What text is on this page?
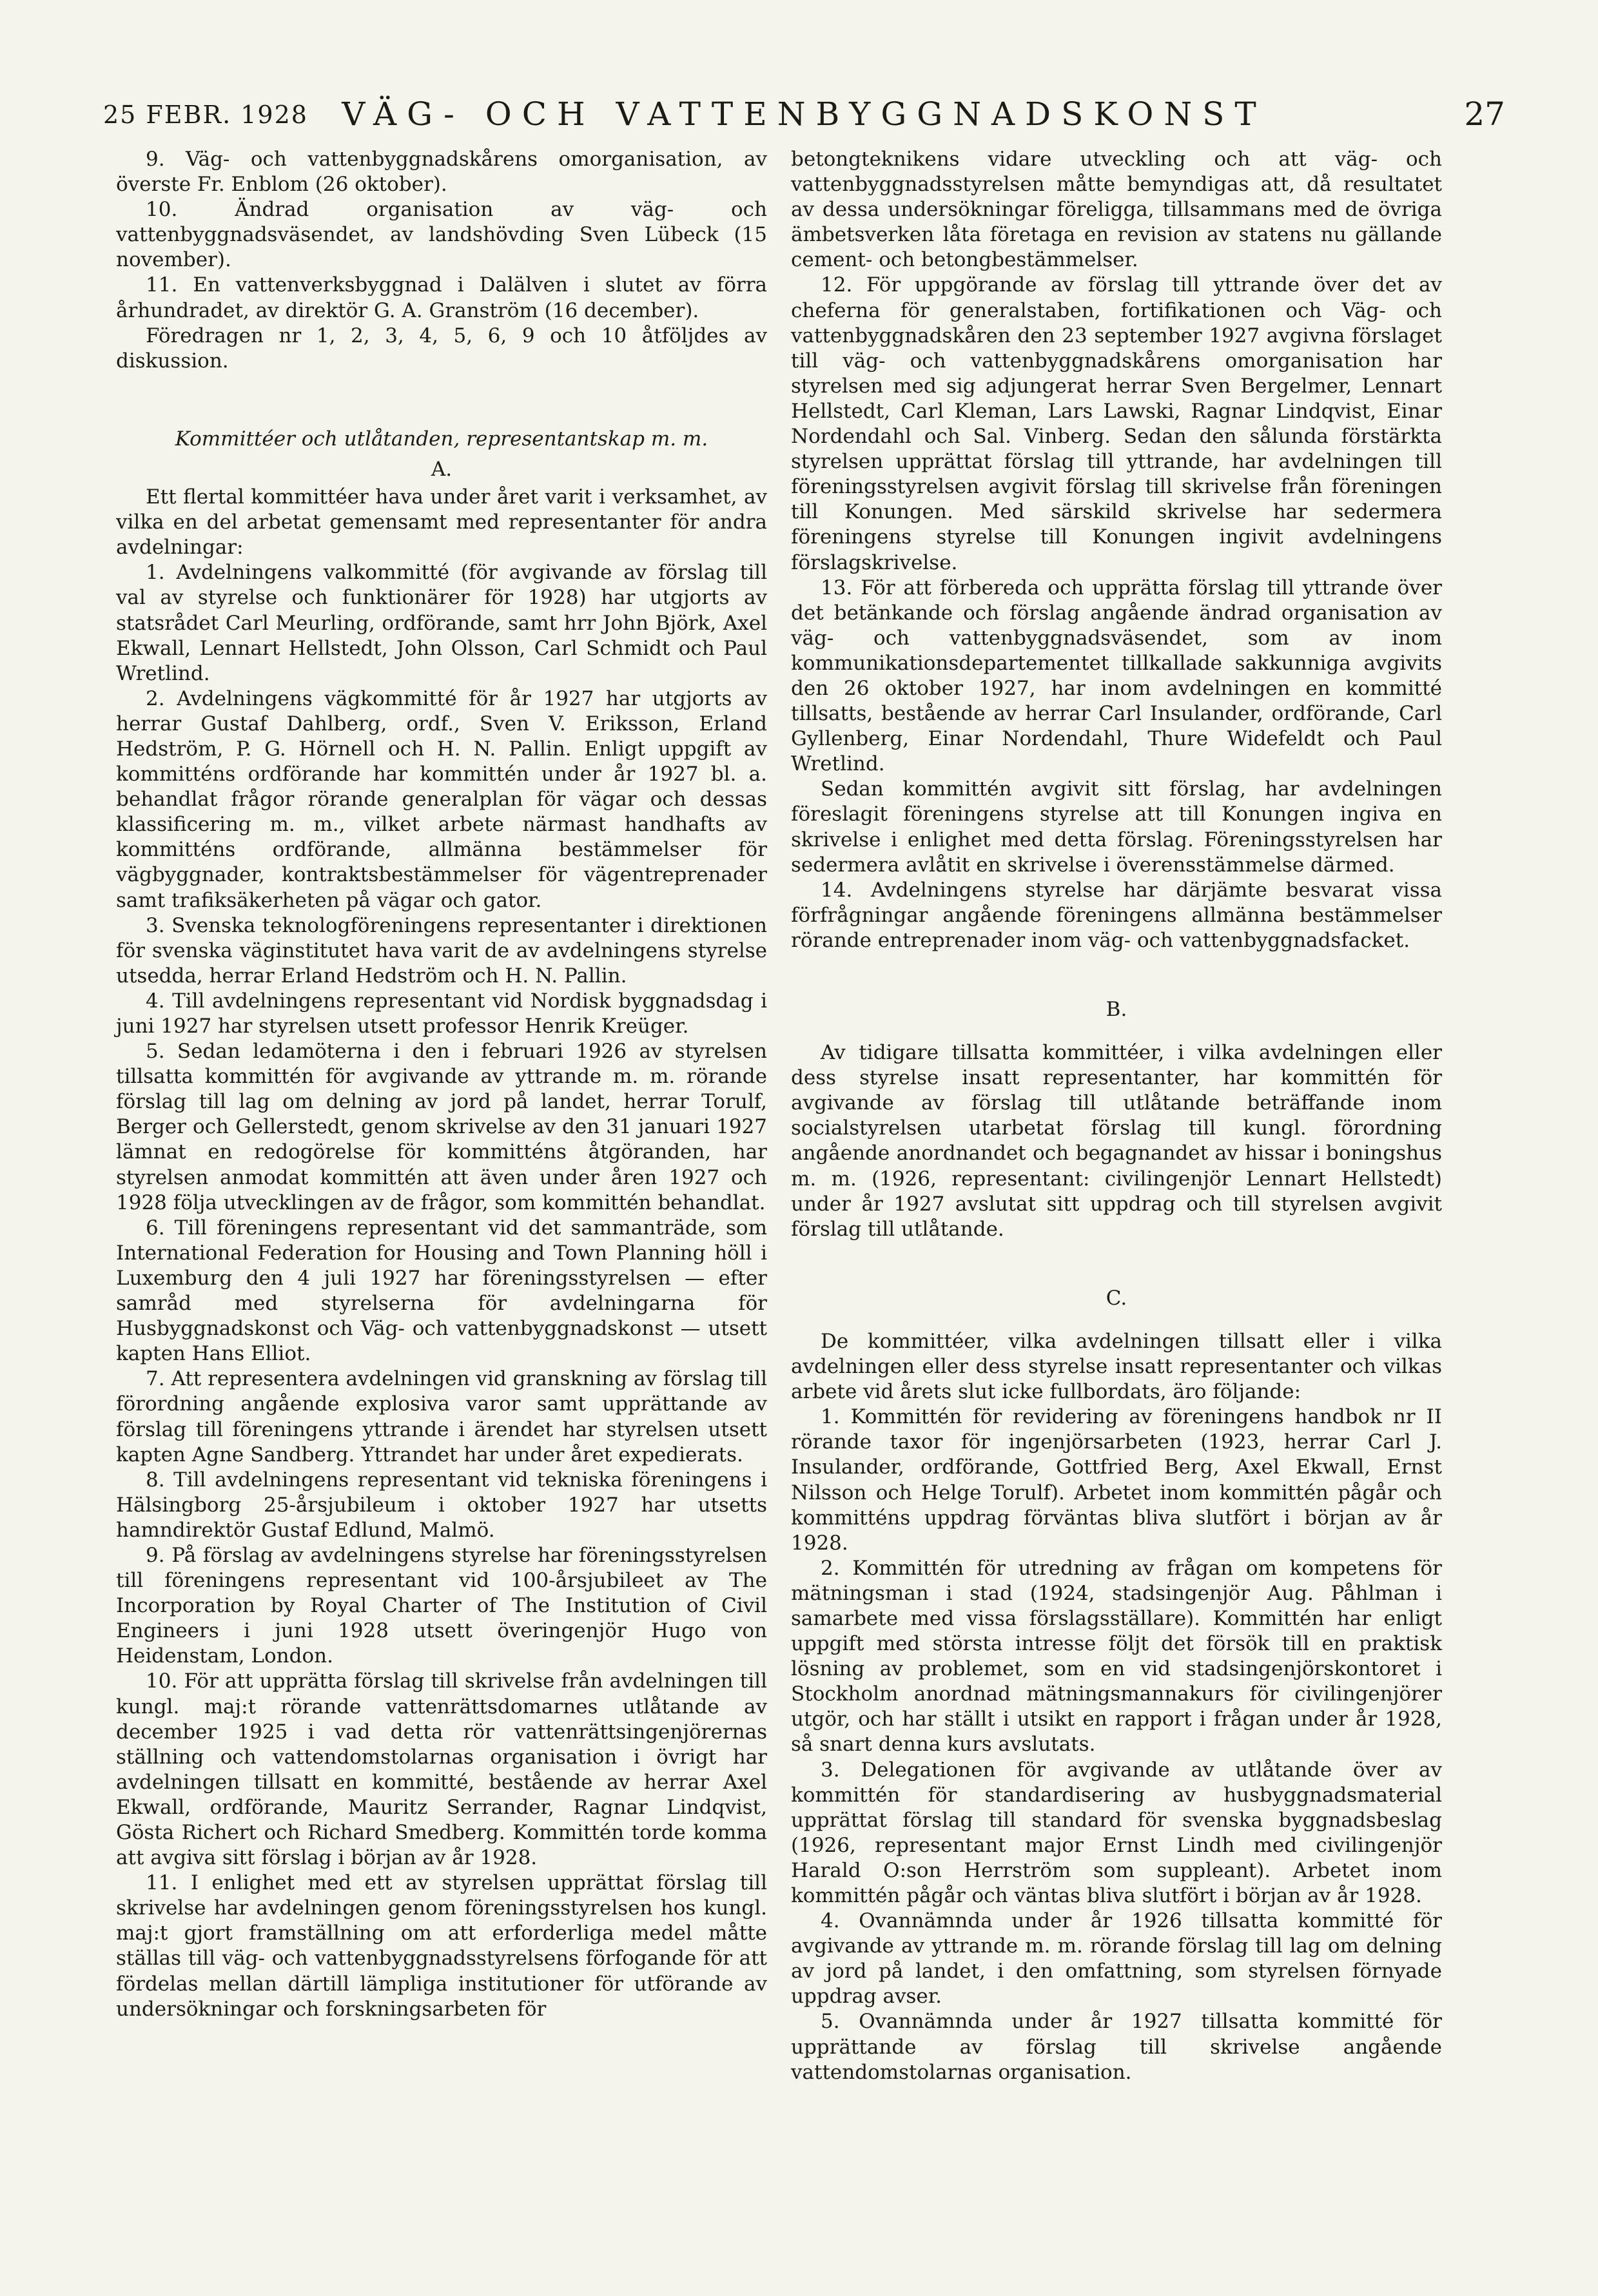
25 FEBR. 1928	VÄG- OCH VATTENBYGGNADSKONST	27

9. Väg- och vattenbyggnadskårens omorganisation, av överste Fr. Enblom (26 oktober).

10. Ändrad organisation av väg- och vattenbyggnadsväsendet, av landshövding Sven Lübeck (15 november).

11. En vattenverksbyggnad i Dalälven i slutet av förra århundradet, av direktör G. A. Granström (16 december).

Föredragen nr 1, 2, 3, 4, 5, 6, 9 och 10 åtföljdes av diskussion.

Kommittéer och utlåtanden, representantskap m. m.

A.

Ett flertal kommittéer hava under året varit i verksamhet, av vilka en del arbetat gemensamt med representanter för andra avdelningar:

1. Avdelningens valkommitté (för avgivande av förslag till val av styrelse och funktionärer för 1928) har utgjorts av statsrådet Carl Meurling, ordförande, samt hrr John Björk, Axel Ekwall, Lennart Hellstedt, John Olsson, Carl Schmidt och Paul Wretlind.

2. Avdelningens vägkommitté för år 1927 har utgjorts av herrar Gustaf Dahlberg, ordf., Sven V. Eriksson, Erland Hedström, P. G. Hörnell och H. N. Pallin. Enligt uppgift av kommitténs ordförande har kommittén under år 1927 bl. a. behandlat frågor rörande generalplan för vägar och dessas klassificering m. m., vilket arbete närmast handhafts av kommitténs ordförande, allmänna bestämmelser för vägbyggnader, kontraktsbestämmelser för vägentreprenader samt trafiksäkerheten på vägar och gator.

3. Svenska teknologföreningens representanter i direktionen för svenska väginstitutet hava varit de av avdelningens styrelse utsedda, herrar Erland Hedström och H. N. Pallin.

4. Till avdelningens representant vid Nordisk byggnadsdag i juni 1927 har styrelsen utsett professor Henrik Kreüger.

5. Sedan ledamöterna i den i februari 1926 av styrelsen tillsatta kommittén för avgivande av yttrande m. m. rörande förslag till lag om delning av jord på landet, herrar Torulf, Berger och Gellerstedt, genom skrivelse av den 31 januari 1927 lämnat en redogörelse för kommitténs åtgöranden, har styrelsen anmodat kommittén att även under åren 1927 och 1928 följa utvecklingen av de frågor, som kommittén behandlat.

6. Till föreningens representant vid det sammanträde, som International Federation for Housing and Town Planning höll i Luxemburg den 4 juli 1927 har föreningsstyrelsen — efter samråd med styrelserna för avdelningarna för Husbyggnadskonst och Väg- och vattenbyggnadskonst — utsett kapten Hans Elliot.

7. Att representera avdelningen vid granskning av förslag till förordning angående explosiva varor samt upprättande av förslag till föreningens yttrande i ärendet har styrelsen utsett kapten Agne Sandberg. Yttrandet har under året expedierats.

8. Till avdelningens representant vid tekniska föreningens i Hälsingborg 25-årsjubileum i oktober 1927 har utsetts hamndirektör Gustaf Edlund, Malmö.

9. På förslag av avdelningens styrelse har föreningsstyrelsen till föreningens representant vid 100-årsjubileet av The Incorporation by Royal Charter of The Institution of Civil Engineers i juni 1928 utsett överingenjör Hugo von Heidenstam, London.

10. För att upprätta förslag till skrivelse från avdelningen till kungl. maj:t rörande vattenrättsdomarnes utlåtande av december 1925 i vad detta rör vattenrättsingenjörernas ställning och vattendomstolarnas organisation i övrigt har avdelningen tillsatt en kommitté, bestående av herrar Axel Ekwall, ordförande, Mauritz Serrander, Ragnar Lindqvist, Gösta Richert och Richard Smedberg. Kommittén torde komma att avgiva sitt förslag i början av år 1928.

11. I enlighet med ett av styrelsen upprättat förslag till skrivelse har avdelningen genom föreningsstyrelsen hos kungl. maj:t gjort framställning om att erforderliga medel måtte ställas till väg- och vattenbyggnadsstyrelsens förfogande för att fördelas mellan därtill lämpliga institutioner för utförande av undersökningar och forskningsarbeten för

betongteknikens vidare utveckling och att väg- och vattenbyggnadsstyrelsen måtte bemyndigas att, då resultatet av dessa undersökningar föreligga, tillsammans med de övriga ämbetsverken låta företaga en revision av statens nu gällande cement- och betongbestämmelser.

12. För uppgörande av förslag till yttrande över det av cheferna för generalstaben, fortifikationen och Väg- och vattenbyggnadskåren den 23 september 1927 avgivna förslaget till väg- och vattenbyggnadskårens omorganisation har styrelsen med sig adjungerat herrar Sven Bergelmer, Lennart Hellstedt, Carl Kleman, Lars Lawski, Ragnar Lindqvist, Einar Nordendahl och Sal. Vinberg. Sedan den sålunda förstärkta styrelsen upprättat förslag till yttrande, har avdelningen till föreningsstyrelsen avgivit förslag till skrivelse från föreningen till Konungen. Med särskild skrivelse har sedermera föreningens styrelse till Konungen ingivit avdelningens förslagskrivelse.

13. För att förbereda och upprätta förslag till yttrande över det betänkande och förslag angående ändrad organisation av väg- och vattenbyggnadsväsendet, som av inom kommunikationsdepartementet tillkallade sakkunniga avgivits den 26 oktober 1927, har inom avdelningen en kommitté tillsatts, bestående av herrar Carl Insulander, ordförande, Carl Gyllenberg, Einar Nordendahl, Thure Widefeldt och Paul Wretlind.

Sedan kommittén avgivit sitt förslag, har avdelningen föreslagit föreningens styrelse att till Konungen ingiva en skrivelse i enlighet med detta förslag. Föreningsstyrelsen har sedermera avlåtit en skrivelse i överensstämmelse därmed.

14. Avdelningens styrelse har därjämte besvarat vissa förfrågningar angående föreningens allmänna bestämmelser rörande entreprenader inom väg- och vattenbyggnadsfacket.

B.

Av tidigare tillsatta kommittéer, i vilka avdelningen eller dess styrelse insatt representanter, har kommittén för avgivande av förslag till utlåtande beträffande inom socialstyrelsen utarbetat förslag till kungl. förordning angående anordnandet och begagnandet av hissar i boningshus m. m. (1926, representant: civilingenjör Lennart Hellstedt) under år 1927 avslutat sitt uppdrag och till styrelsen avgivit förslag till utlåtande.

C.

De kommittéer, vilka avdelningen tillsatt eller i vilka avdelningen eller dess styrelse insatt representanter och vilkas arbete vid årets slut icke fullbordats, äro följande:

1. Kommittén för revidering av föreningens handbok nr II rörande taxor för ingenjörsarbeten (1923, herrar Carl J. Insulander, ordförande, Gottfried Berg, Axel Ekwall, Ernst Nilsson och Helge Torulf). Arbetet inom kommittén pågår och kommitténs uppdrag förväntas bliva slutfört i början av år 1928.

2. Kommittén för utredning av frågan om kompetens för mätningsman i stad (1924, stadsingenjör Aug. Påhlman i samarbete med vissa förslagsställare). Kommittén har enligt uppgift med största intresse följt det försök till en praktisk lösning av problemet, som en vid stadsingenjörskontoret i Stockholm anordnad mätningsmannakurs för civilingenjörer utgör, och har ställt i utsikt en rapport i frågan under år 1928, så snart denna kurs avslutats.

3. Delegationen för avgivande av utlåtande över av kommittén för standardisering av husbyggnadsmaterial upprättat förslag till standard för svenska byggnadsbeslag (1926, representant major Ernst Lindh med civilingenjör Harald O:son Herrström som suppleant). Arbetet inom kommittén pågår och väntas bliva slutfört i början av år 1928.

4. Ovannämnda under år 1926 tillsatta kommitté för avgivande av yttrande m. m. rörande förslag till lag om delning av jord på landet, i den omfattning, som styrelsen förnyade uppdrag avser.

5. Ovannämnda under år 1927 tillsatta kommitté för upprättande av förslag till skrivelse angående vattendomstolarnas organisation.
